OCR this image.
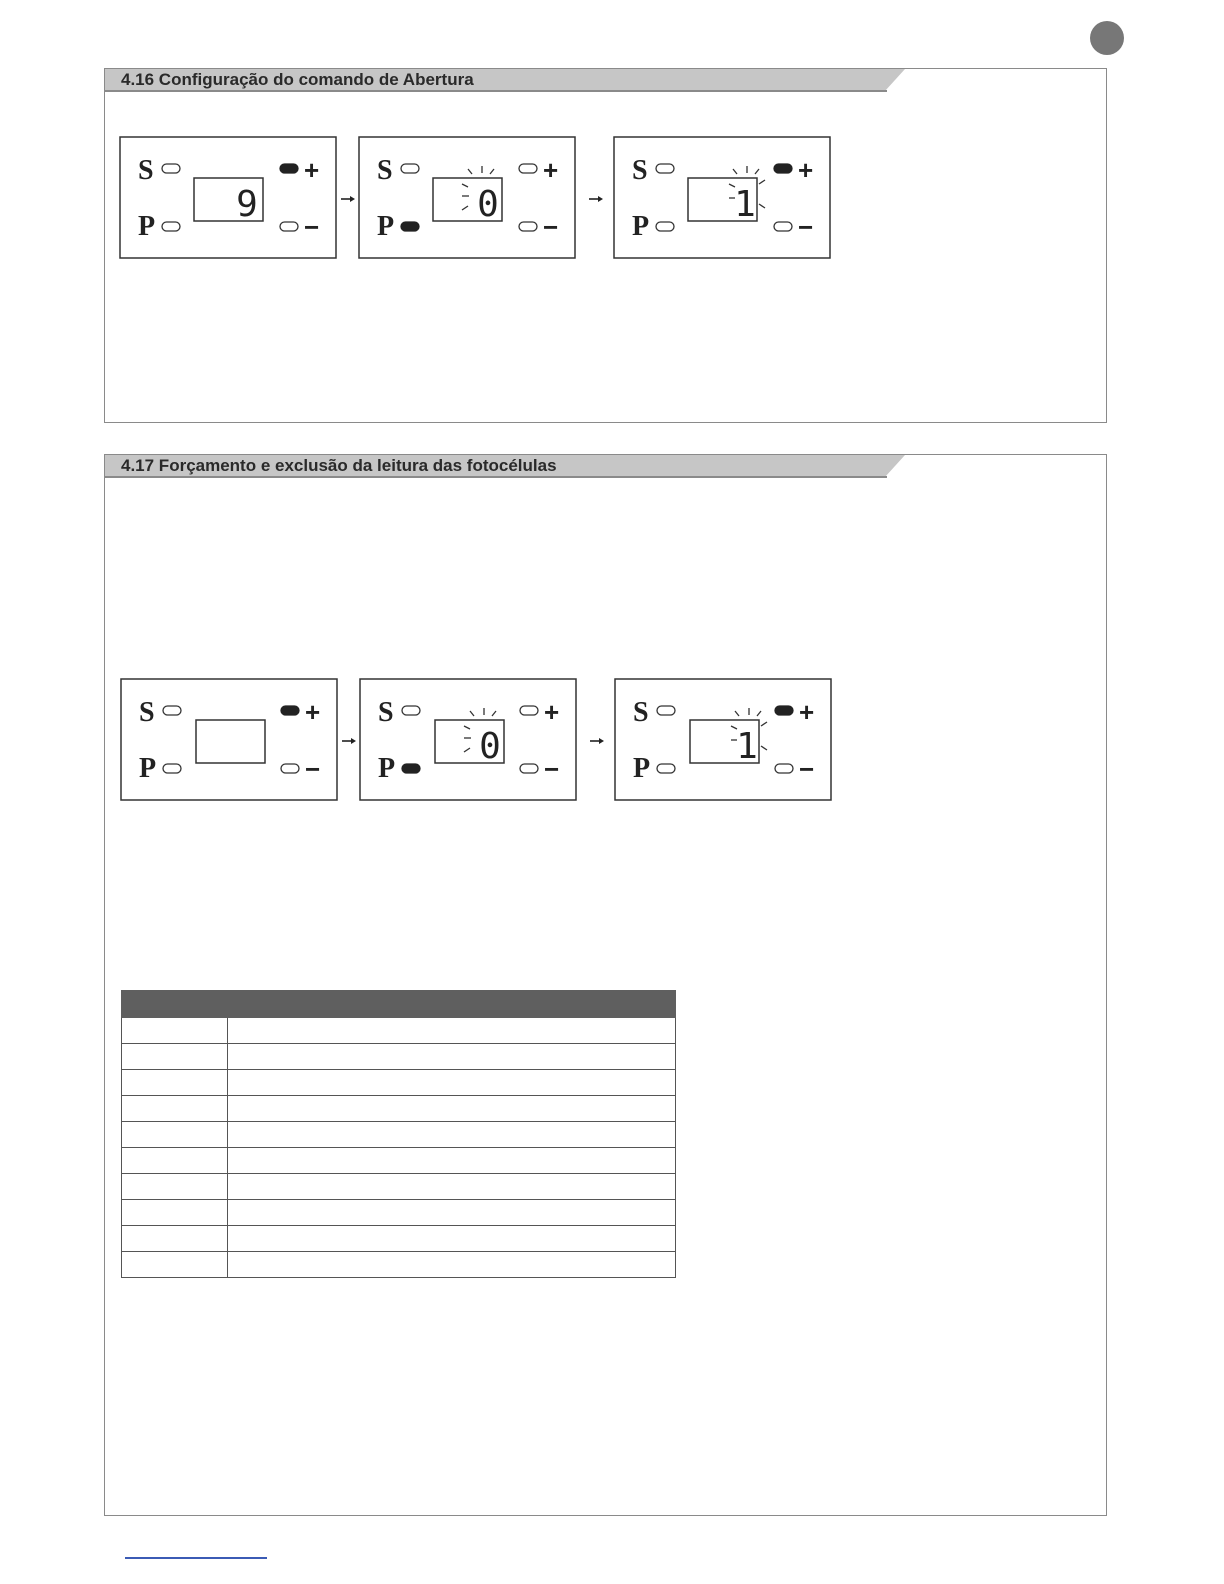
4.16 Configuração do comando de Abertura
4.17 Forçamento e exclusão da leitura das fotocélulas
S
P
+
−
9
S
P
+
−
0
S
P
+
−
1
S
P
+
−
S
P
+
−
0
S
P
+
−
1
